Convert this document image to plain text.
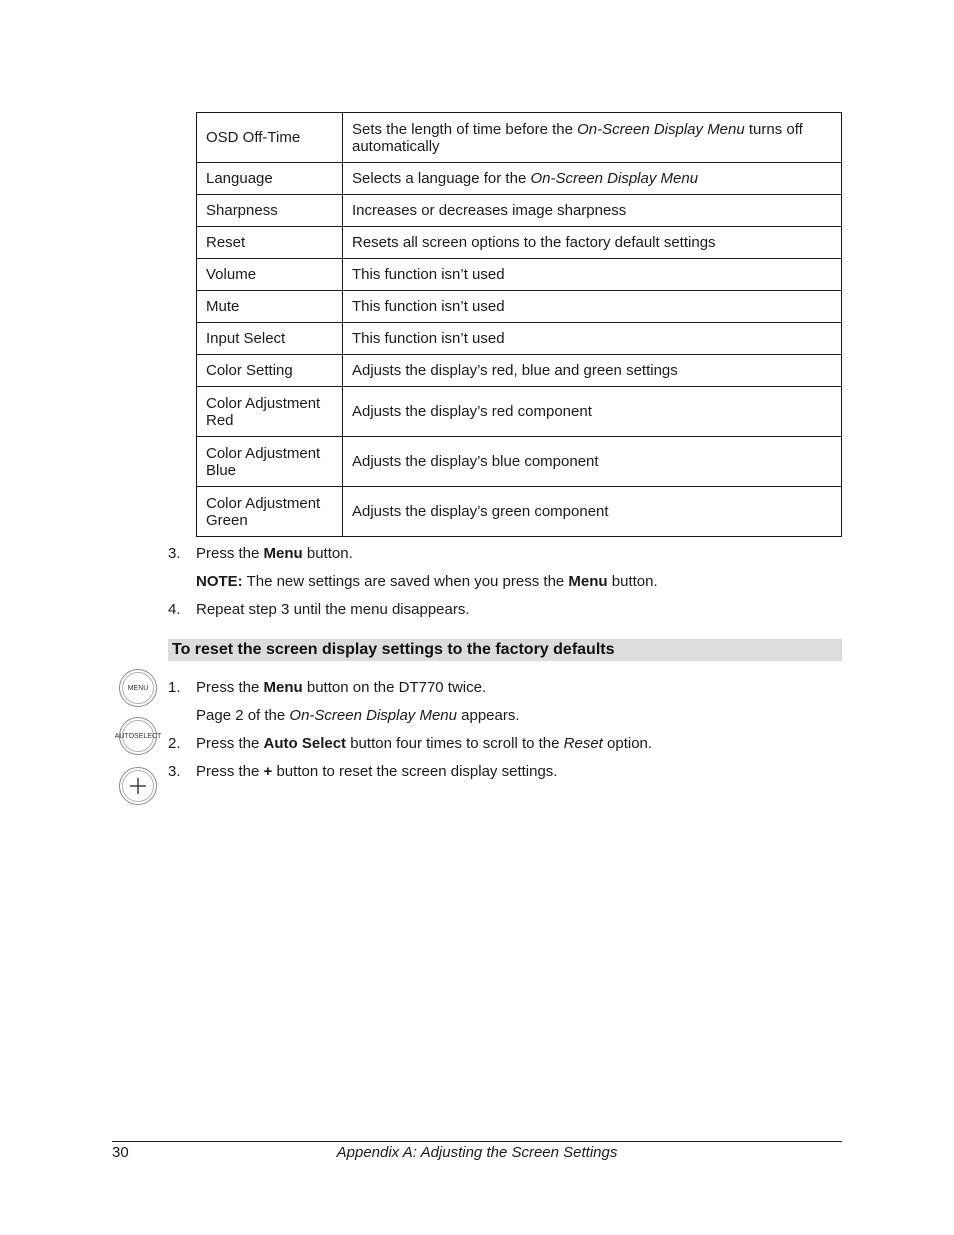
OSD Off-Time	Sets the length of time before the On-Screen Display Menu turns off automatically
Language	Selects a language for the On-Screen Display Menu
Sharpness	Increases or decreases image sharpness
Reset	Resets all screen options to the factory default settings
Volume	This function isn’t used
Mute	This function isn’t used
Input Select	This function isn’t used
Color Setting	Adjusts the display’s red, blue and green settings
Color Adjustment Red	Adjusts the display’s red component
Color Adjustment Blue	Adjusts the display’s blue component
Color Adjustment Green	Adjusts the display’s green component
3. Press the Menu button.
NOTE: The new settings are saved when you press the Menu button.
4. Repeat step 3 until the menu disappears.
To reset the screen display settings to the factory defaults
MENU
AUTO SELECT
1. Press the Menu button on the DT770 twice.
Page 2 of the On-Screen Display Menu appears.
2. Press the Auto Select button four times to scroll to the Reset option.
3. Press the + button to reset the screen display settings.
30	Appendix A: Adjusting the Screen Settings
